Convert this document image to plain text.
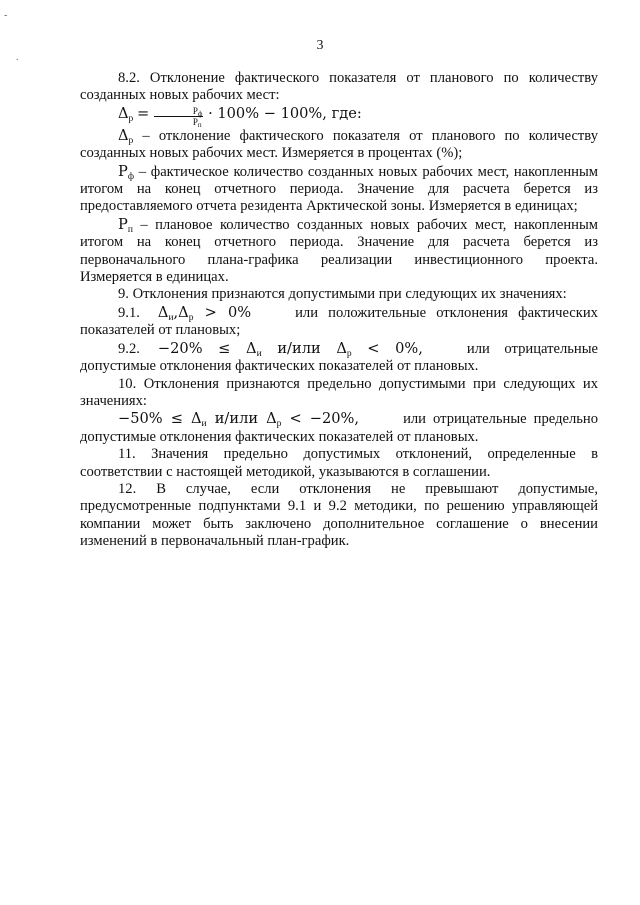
-
.
3

8.2. Отклонение фактического показателя от планового по количеству созданных новых рабочих мест:

$\Delta_р = \frac{Р_ф}{Р_п} \cdot 100\% - 100\%$, где:

$\Delta_р$ – отклонение фактического показателя от планового по количеству созданных новых рабочих мест. Измеряется в процентах (%);

$Р_ф$ – фактическое количество созданных новых рабочих мест, накопленным итогом на конец отчетного периода. Значение для расчета берется из предоставляемого отчета резидента Арктической зоны. Измеряется в единицах;

$Р_п$ – плановое количество созданных новых рабочих мест, накопленным итогом на конец отчетного периода. Значение для расчета берется из первоначального плана-графика реализации инвестиционного проекта. Измеряется в единицах.

9. Отклонения признаются допустимыми при следующих их значениях:

9.1. $\Delta_и,\Delta_р > 0\%$	или положительные отклонения фактических показателей от плановых;

9.2. $-20\% \le \Delta_и$ и/или $\Delta_р < 0\%$,	или отрицательные допустимые отклонения фактических показателей от плановых.

10. Отклонения признаются предельно допустимыми при следующих их значениях:

$-50\% \le \Delta_и$ и/или $\Delta_р < -20\%$,	или отрицательные предельно допустимые отклонения фактических показателей от плановых.

11. Значения предельно допустимых отклонений, определенные в соответствии с настоящей методикой, указываются в соглашении.

12. В случае, если отклонения не превышают допустимые, предусмотренные подпунктами 9.1 и 9.2 методики, по решению управляющей компании может быть заключено дополнительное соглашение о внесении изменений в первоначальный план-график.
